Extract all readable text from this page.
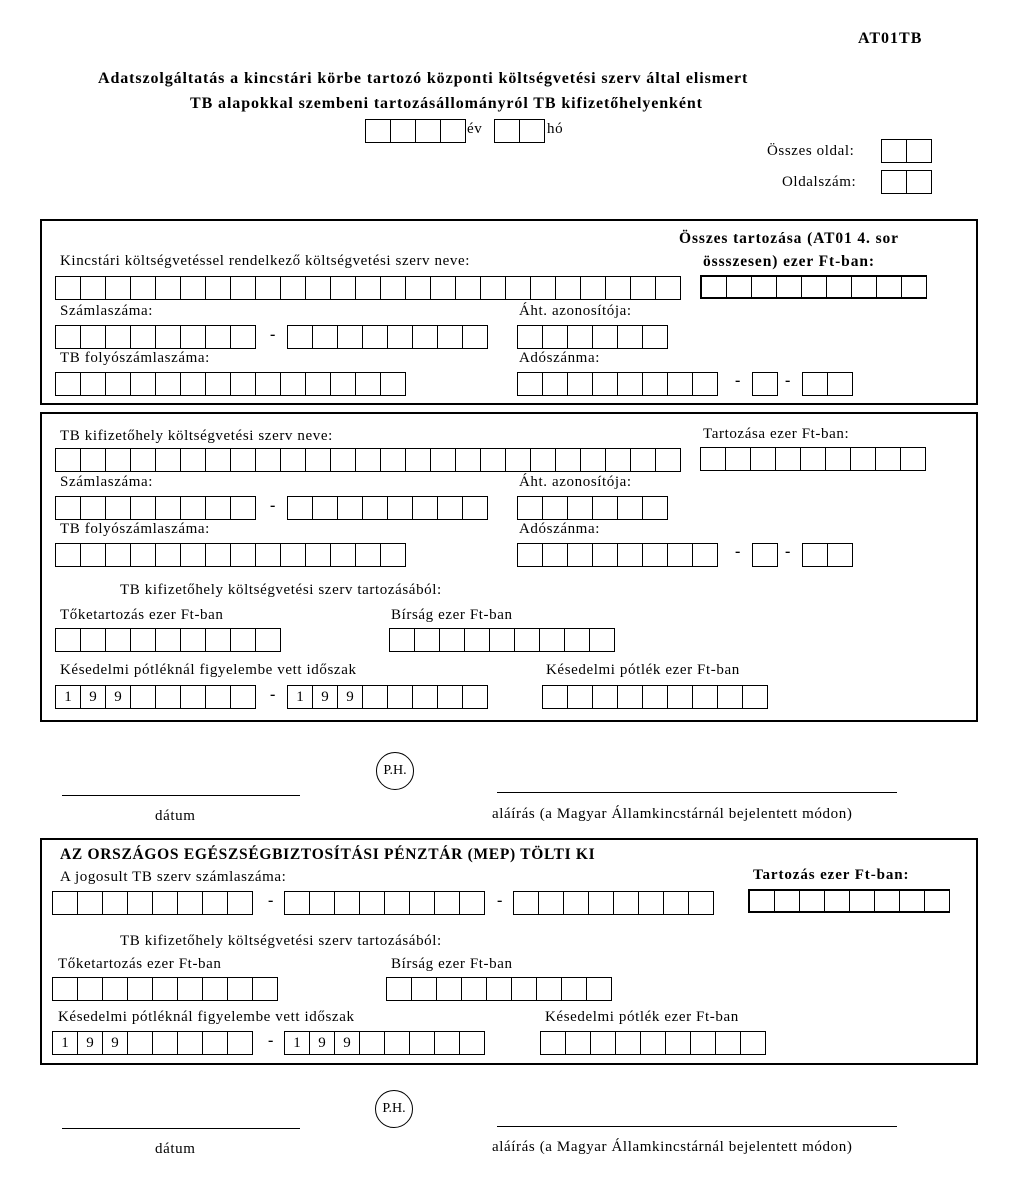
AT01TB
Adatszolgáltatás a kincstári körbe tartozó központi költségvetési szerv által elismert
TB alapokkal szembeni tartozásállományról TB kifizetőhelyenként
év	hó
Összes oldal:
Oldalszám:
Összes tartozása (AT01 4. sor
össszesen) ezer Ft-ban:
Kincstári költségvetéssel rendelkező költségvetési szerv neve:
Számlaszáma:	Áht. azonosítója:
-
TB folyószámlaszáma:	Adószánma:
-	-
TB kifizetőhely költségvetési szerv neve:	Tartozása ezer Ft-ban:
Számlaszáma:	Áht. azonosítója:
-
TB folyószámlaszáma:	Adószánma:
-	-
TB kifizetőhely költségvetési szerv tartozásából:
Tőketartozás ezer Ft-ban	Bírság ezer Ft-ban
Késedelmi pótléknál figyelembe vett időszak	Késedelmi pótlék ezer Ft-ban
1	9	9	-	1	9	9
P.H.
dátum	aláírás (a Magyar Államkincstárnál bejelentett módon)
AZ ORSZÁGOS EGÉSZSÉGBIZTOSÍTÁSI PÉNZTÁR (MEP) TÖLTI KI
A jogosult TB szerv számlaszáma:	Tartozás ezer Ft-ban:
-	-
TB kifizetőhely költségvetési szerv tartozásából:
Tőketartozás ezer Ft-ban	Bírság ezer Ft-ban
Késedelmi pótléknál figyelembe vett időszak	Késedelmi pótlék ezer Ft-ban
1	9	9	-	1	9	9
P.H.
dátum	aláírás (a Magyar Államkincstárnál bejelentett módon)
